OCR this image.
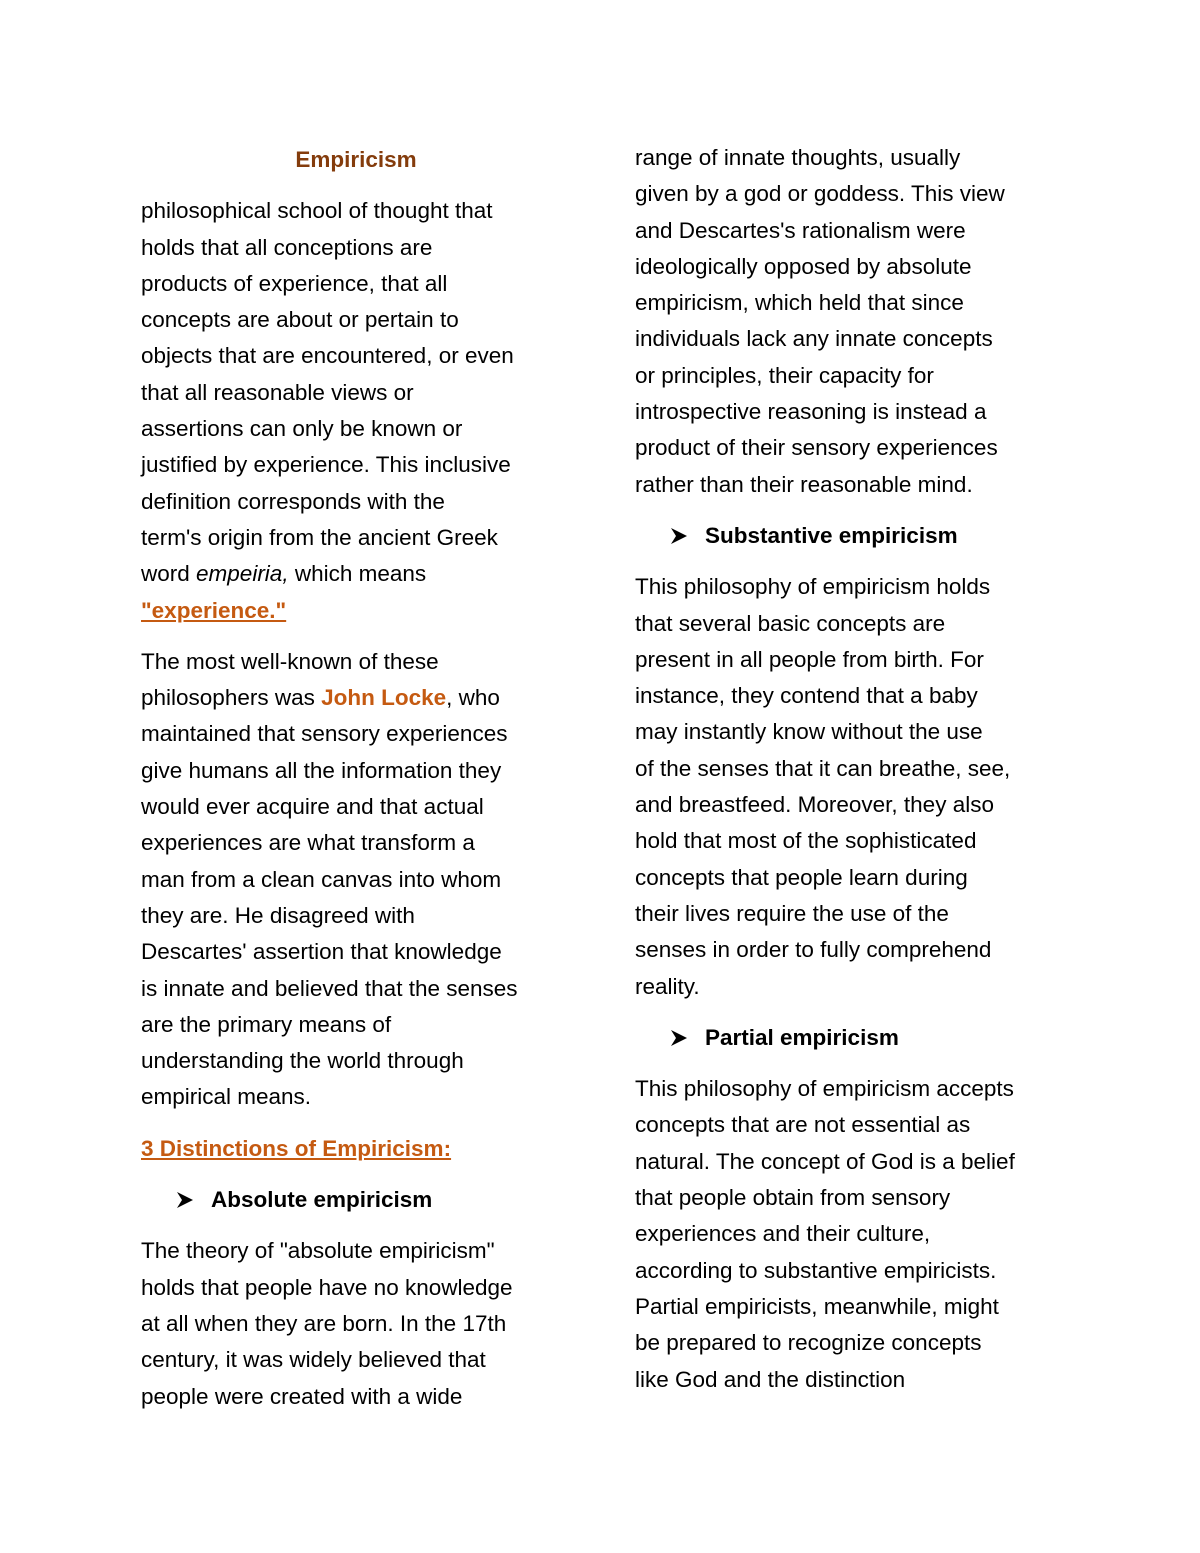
Empiricism

philosophical school of thought that
holds that all conceptions are
products of experience, that all
concepts are about or pertain to
objects that are encountered, or even
that all reasonable views or
assertions can only be known or
justified by experience. This inclusive
definition corresponds with the
term's origin from the ancient Greek
word empeiria, which means
"experience."
The most well-known of these
philosophers was John Locke, who
maintained that sensory experiences
give humans all the information they
would ever acquire and that actual
experiences are what transform a
man from a clean canvas into whom
they are. He disagreed with
Descartes' assertion that knowledge
is innate and believed that the senses
are the primary means of
understanding the world through
empirical means.
3 Distinctions of Empiricism:
Absolute empiricism
The theory of "absolute empiricism"
holds that people have no knowledge
at all when they are born. In the 17th
century, it was widely believed that
people were created with a wide
range of innate thoughts, usually
given by a god or goddess. This view
and Descartes's rationalism were
ideologically opposed by absolute
empiricism, which held that since
individuals lack any innate concepts
or principles, their capacity for
introspective reasoning is instead a
product of their sensory experiences
rather than their reasonable mind.
Substantive empiricism
This philosophy of empiricism holds
that several basic concepts are
present in all people from birth. For
instance, they contend that a baby
may instantly know without the use
of the senses that it can breathe, see,
and breastfeed. Moreover, they also
hold that most of the sophisticated
concepts that people learn during
their lives require the use of the
senses in order to fully comprehend
reality.
Partial empiricism
This philosophy of empiricism accepts
concepts that are not essential as
natural. The concept of God is a belief
that people obtain from sensory
experiences and their culture,
according to substantive empiricists.
Partial empiricists, meanwhile, might
be prepared to recognize concepts
like God and the distinction
